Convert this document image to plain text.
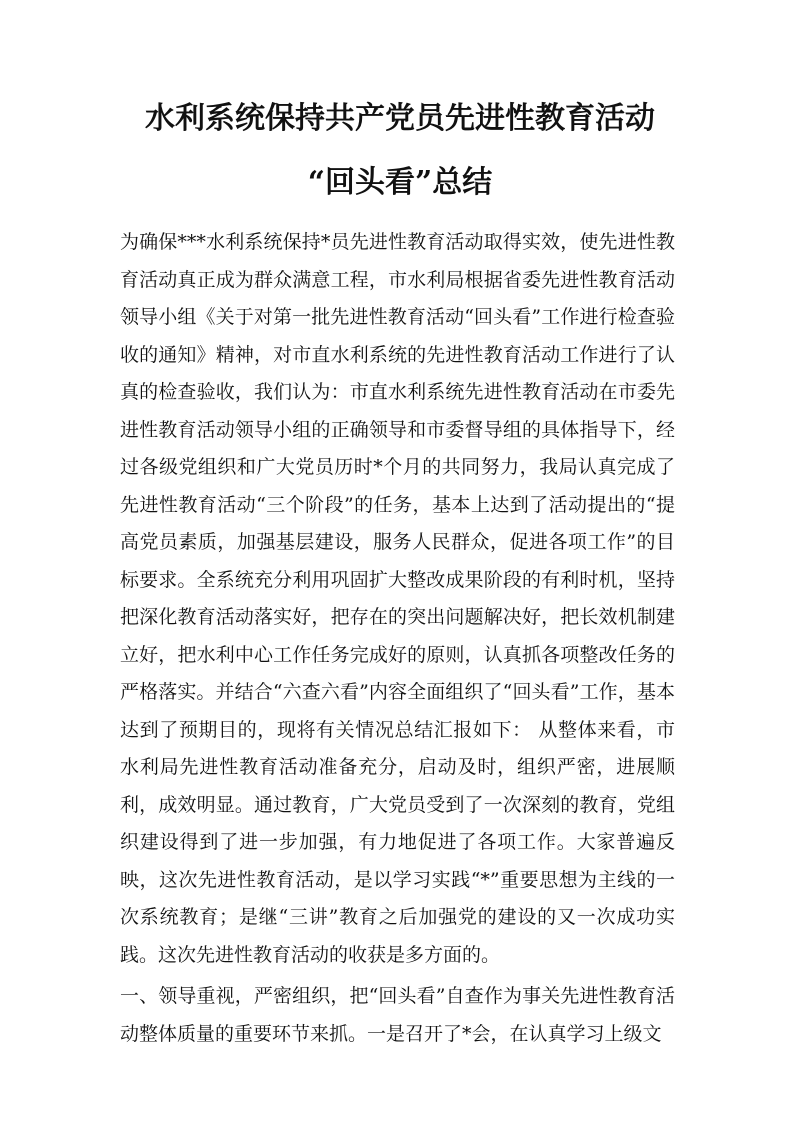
水利系统保持共产党员先进性教育活动
“回头看”总结

为确保***水利系统保持*员先进性教育活动取得实效，使先进性教育活动真正成为群众满意工程，市水利局根据省委先进性教育活动领导小组《关于对第一批先进性教育活动“回头看”工作进行检查验收的通知》精神，对市直水利系统的先进性教育活动工作进行了认真的检查验收，我们认为：市直水利系统先进性教育活动在市委先进性教育活动领导小组的正确领导和市委督导组的具体指导下，经过各级党组织和广大党员历时*个月的共同努力，我局认真完成了先进性教育活动“三个阶段”的任务，基本上达到了活动提出的“提高党员素质，加强基层建设，服务人民群众，促进各项工作”的目标要求。全系统充分利用巩固扩大整改成果阶段的有利时机，坚持把深化教育活动落实好，把存在的突出问题解决好，把长效机制建立好，把水利中心工作任务完成好的原则，认真抓各项整改任务的严格落实。并结合“六查六看”内容全面组织了“回头看”工作，基本达到了预期目的，现将有关情况总结汇报如下： 从整体来看，市水利局先进性教育活动准备充分，启动及时，组织严密，进展顺利，成效明显。通过教育，广大党员受到了一次深刻的教育，党组织建设得到了进一步加强，有力地促进了各项工作。大家普遍反映，这次先进性教育活动，是以学习实践“*”重要思想为主线的一次系统教育；是继“三讲”教育之后加强党的建设的又一次成功实践。这次先进性教育活动的收获是多方面的。

一、领导重视，严密组织，把“回头看”自查作为事关先进性教育活动整体质量的重要环节来抓。一是召开了*会，在认真学习上级文
